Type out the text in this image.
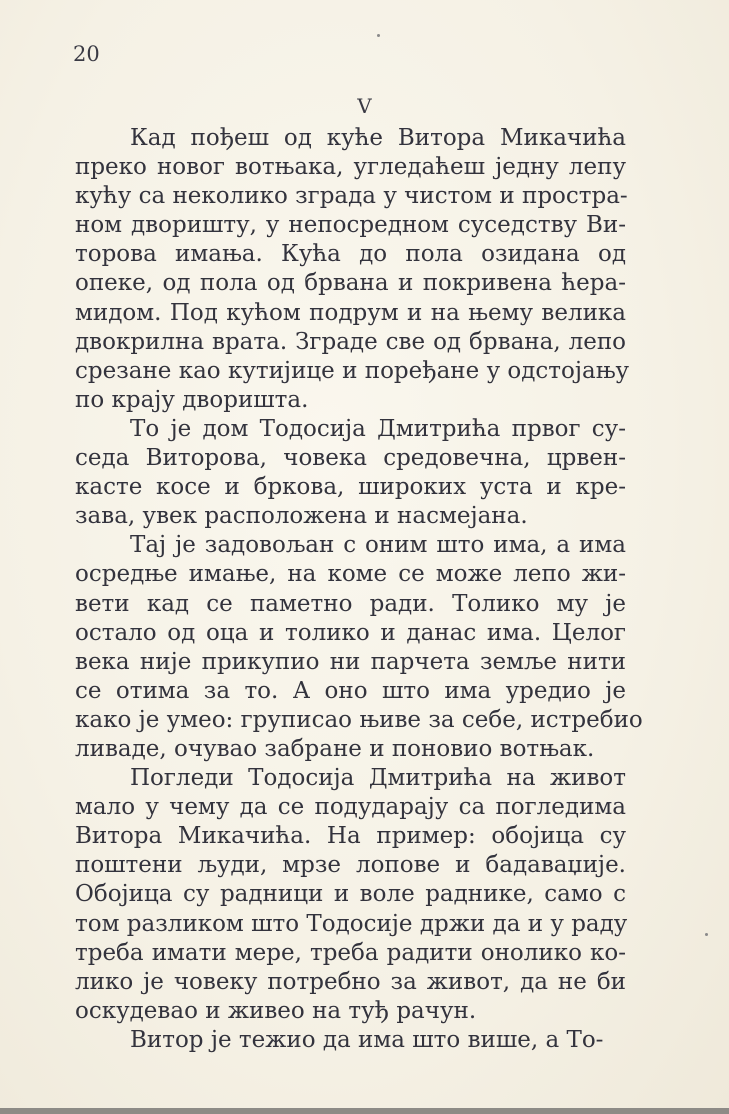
20
V
Кад пођеш од куће Витора Микачића
преко новог вотњака, угледаћеш једну лепу
кућу са неколико зграда у чистом и простра-
ном дворишту, у непосредном суседству Ви-
торова имања. Кућа до пола озидана од
опеке, од пола од брвана и покривена ћера-
мидом. Под кућом подрум и на њему велика
двокрилна врата. Зграде све од брвана, лепо
срезане као кутијице и поређане у одстојању
по крају дворишта.
То је дом Тодосија Дмитрића првог су-
седа Виторова, човека средовечна, црвен-
касте косе и бркова, широких уста и кре-
зава, увек расположена и насмејана.
Тај је задовољан с оним што има, а има
осредње имање, на коме се може лепо жи-
вети кад се паметно ради. Толико му је
остало од оца и толико и данас има. Целог
века није прикупио ни парчета земље нити
се отима за то. А оно што има уредио је
како је умео: груписао њиве за себе, истребио
ливаде, очувао забране и поновио вотњак.
Погледи Тодосија Дмитрића на живот
мало у чему да се подударају са погледима
Витора Микачића. На пример: обојица су
поштени људи, мрзе лопове и бадаваџије.
Обојица су радници и воле раднике, само с
том разликом што Тодосије држи да и у раду
треба имати мере, треба радити онолико ко-
лико је човеку потребно за живот, да не би
оскудевао и живео на туђ рачун.
Витор је тежио да има што више, а То-
